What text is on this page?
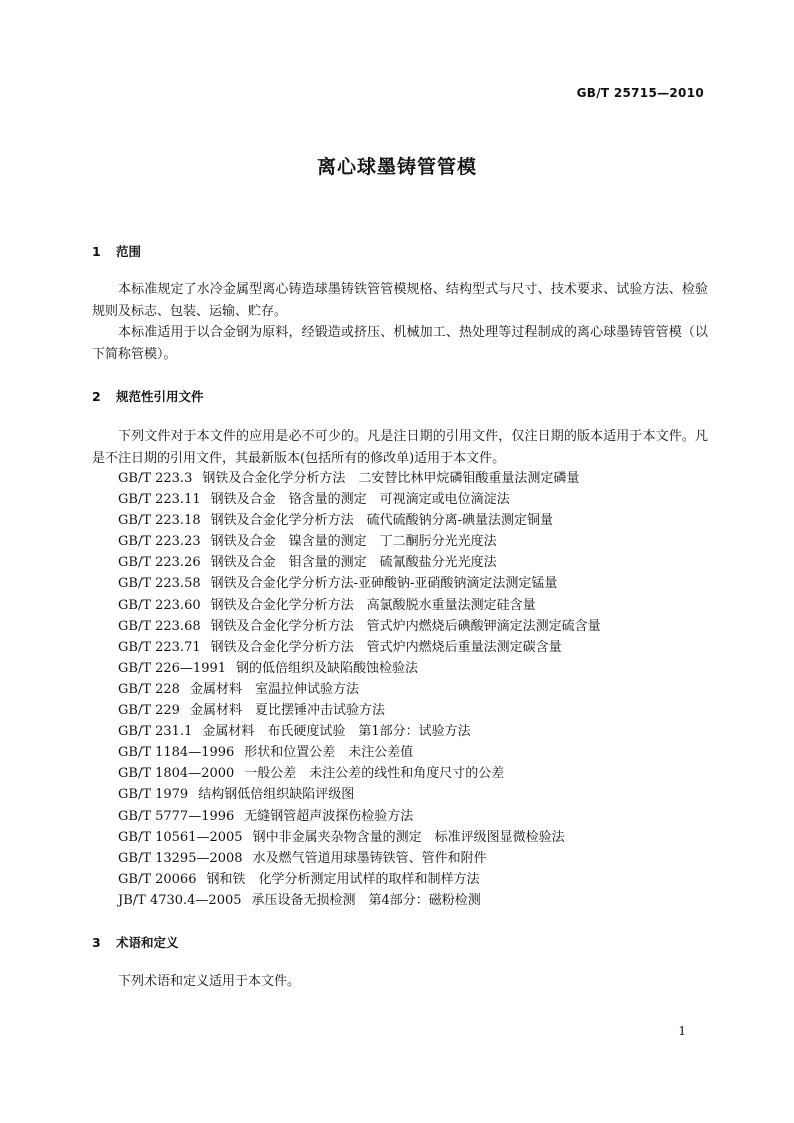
GB/T 25715—2010
离心球墨铸管管模
1 范围
本标准规定了水冷金属型离心铸造球墨铸铁管管模规格、结构型式与尺寸、技术要求、试验方法、检验规则及标志、包装、运输、贮存。
本标准适用于以合金钢为原料，经锻造或挤压、机械加工、热处理等过程制成的离心球墨铸管管模（以下简称管模）。
2 规范性引用文件
下列文件对于本文件的应用是必不可少的。凡是注日期的引用文件，仅注日期的版本适用于本文件。凡是不注日期的引用文件，其最新版本(包括所有的修改单)适用于本文件。
GB/T 223.3 钢铁及合金化学分析方法　二安替比林甲烷磷钼酸重量法测定磷量
GB/T 223.11 钢铁及合金　铬含量的测定　可视滴定或电位滴淀法
GB/T 223.18 钢铁及合金化学分析方法　硫代硫酸钠分离-碘量法测定铜量
GB/T 223.23 钢铁及合金　镍含量的测定　丁二酮肟分光光度法
GB/T 223.26 钢铁及合金　钼含量的测定　硫氰酸盐分光光度法
GB/T 223.58 钢铁及合金化学分析方法-亚砷酸钠-亚硝酸钠滴定法测定锰量
GB/T 223.60 钢铁及合金化学分析方法　高氯酸脱水重量法测定硅含量
GB/T 223.68 钢铁及合金化学分析方法　管式炉内燃烧后碘酸钾滴定法测定硫含量
GB/T 223.71 钢铁及合金化学分析方法　管式炉内燃烧后重量法测定碳含量
GB/T 226—1991 钢的低倍组织及缺陷酸蚀检验法
GB/T 228 金属材料　室温拉伸试验方法
GB/T 229 金属材料　夏比摆锤冲击试验方法
GB/T 231.1 金属材料　布氏硬度试验　第1部分：试验方法
GB/T 1184—1996 形状和位置公差　未注公差值
GB/T 1804—2000 一般公差　未注公差的线性和角度尺寸的公差
GB/T 1979 结构钢低倍组织缺陷评级图
GB/T 5777—1996 无缝钢管超声波探伤检验方法
GB/T 10561—2005 钢中非金属夹杂物含量的测定　标准评级图显微检验法
GB/T 13295—2008 水及燃气管道用球墨铸铁管、管件和附件
GB/T 20066 钢和铁　化学分析测定用试样的取样和制样方法
JB/T 4730.4—2005 承压设备无损检测　第4部分：磁粉检测
3 术语和定义
下列术语和定义适用于本文件。
1
